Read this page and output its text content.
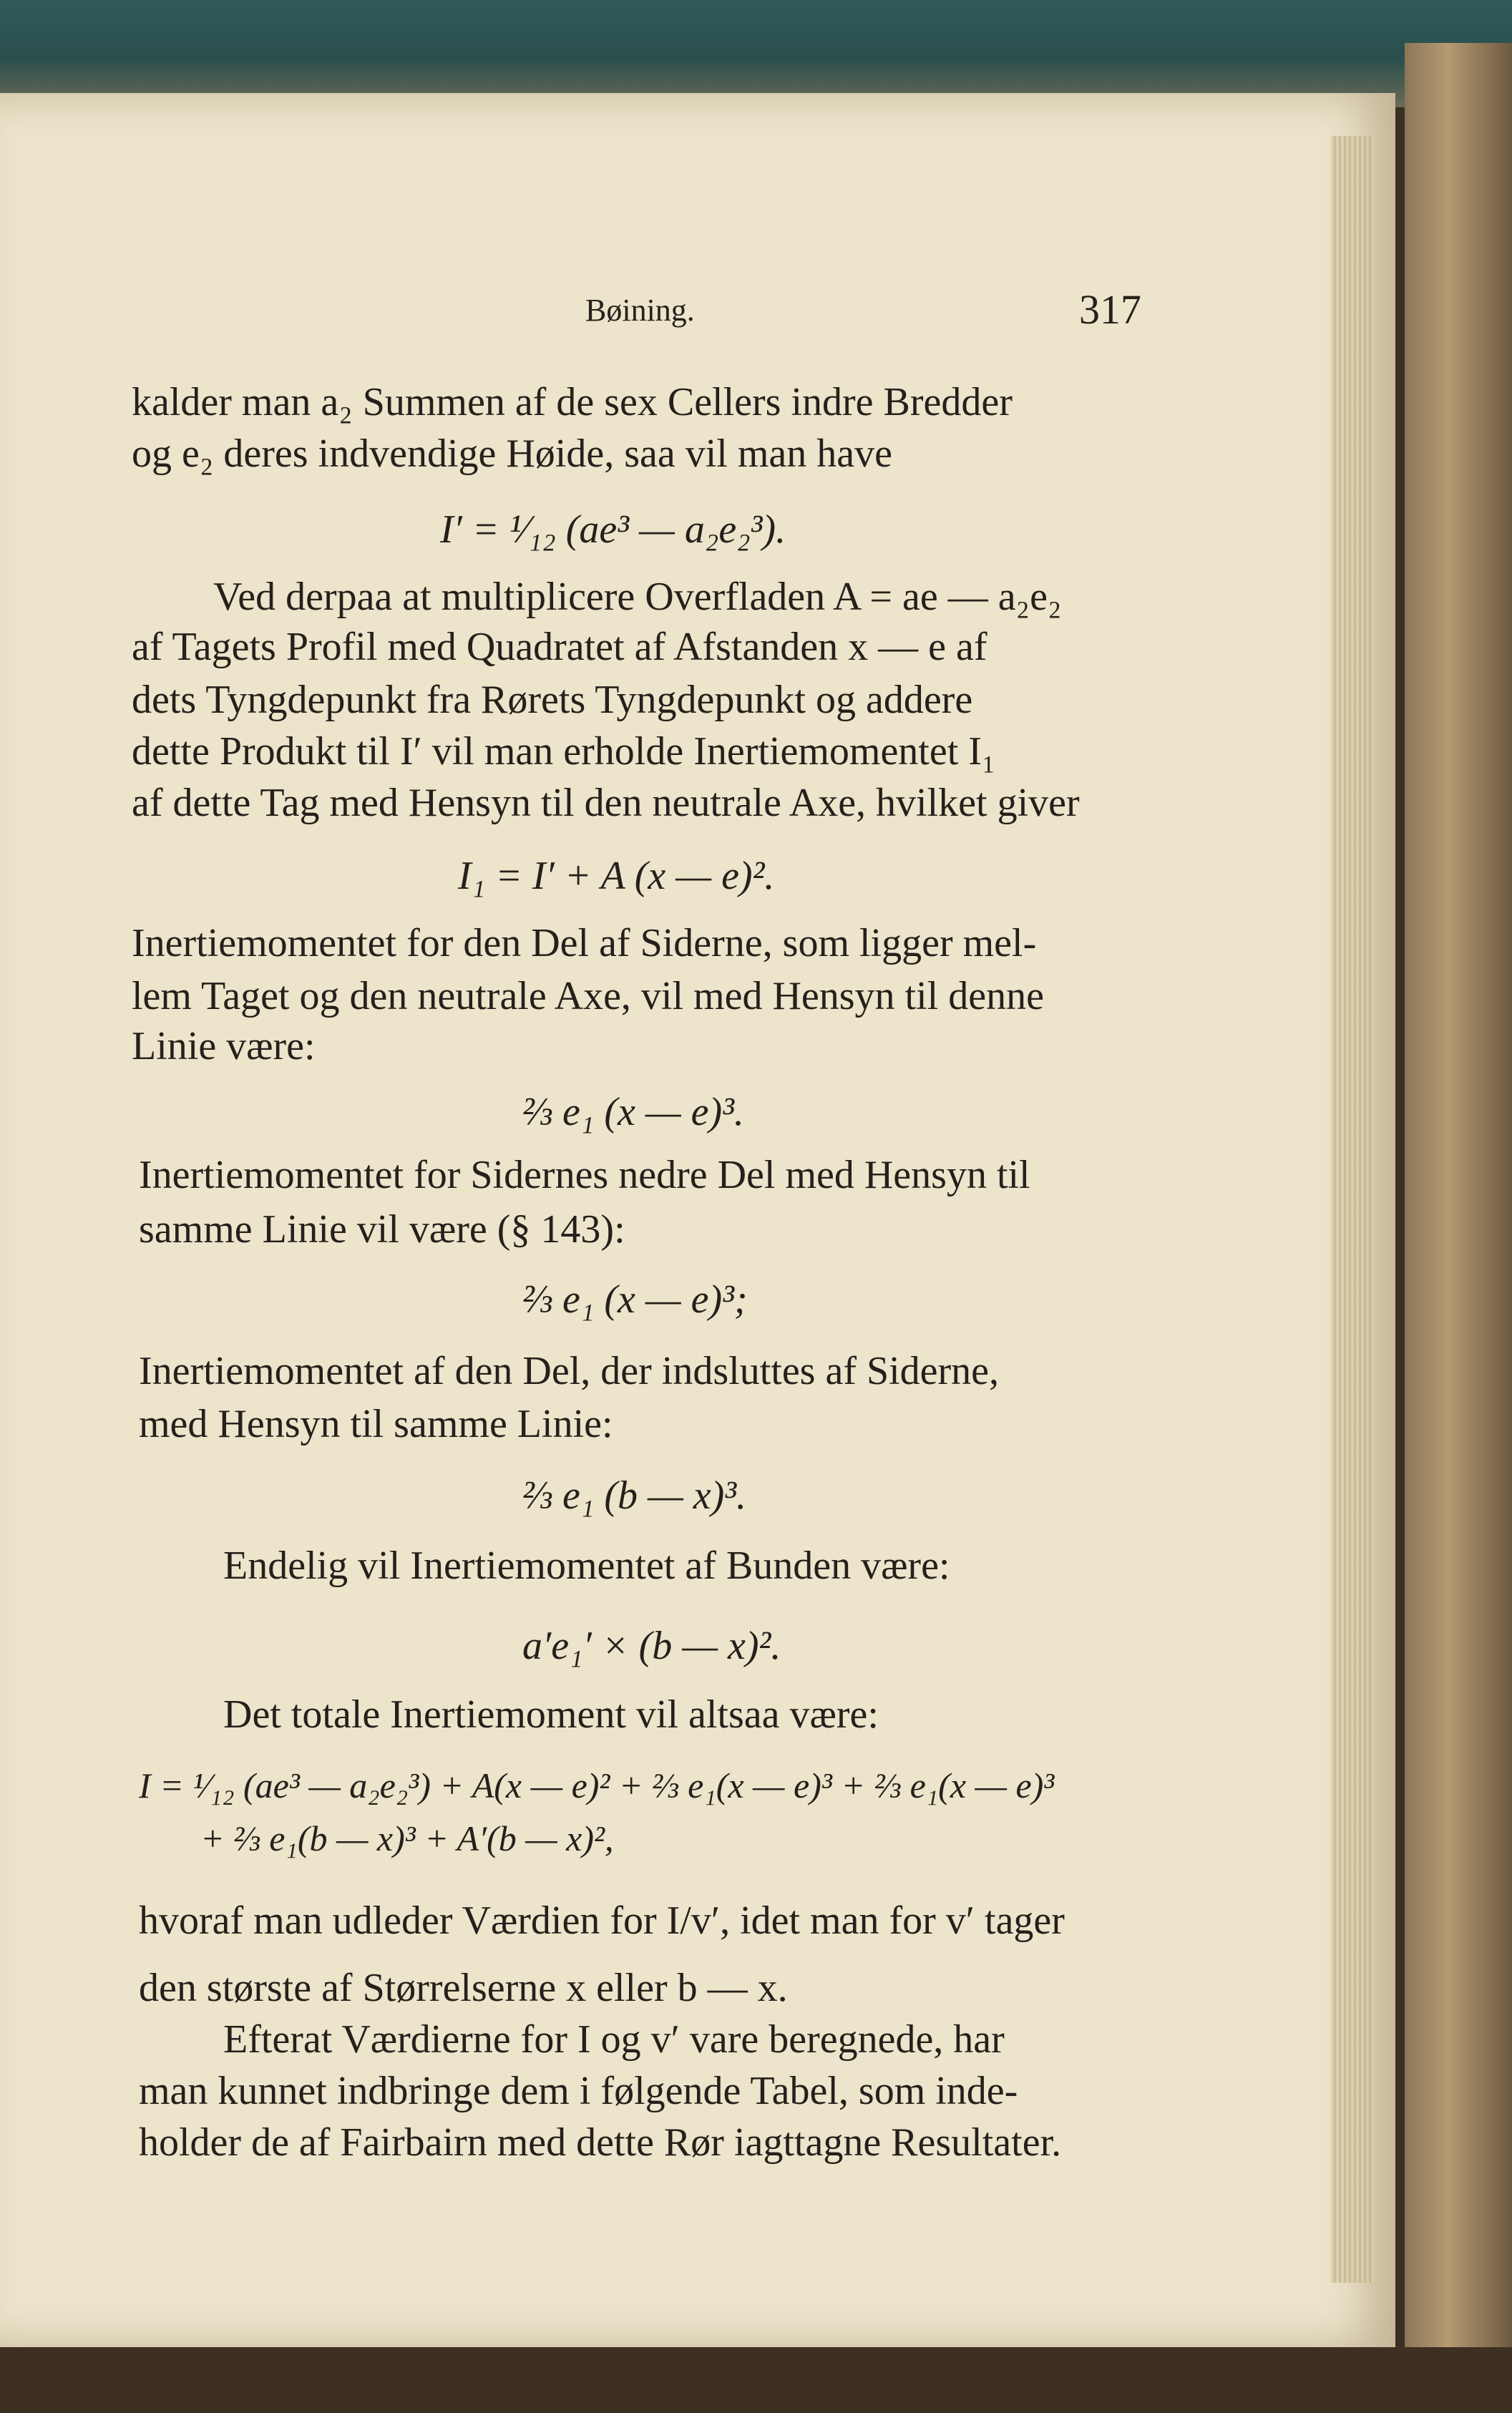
Bøining.	317

kalder man a₂ Summen af de sex Cellers indre Bredder

og e₂ deres indvendige Høide, saa vil man have

I′ = ¹⁄₁₂ (ae³ — a₂e₂³).

Ved derpaa at multiplicere Overfladen A = ae — a₂e₂

af Tagets Profil med Quadratet af Afstanden x — e af

dets Tyngdepunkt fra Rørets Tyngdepunkt og addere

dette Produkt til I′ vil man erholde Inertiemomentet I₁

af dette Tag med Hensyn til den neutrale Axe, hvilket giver

I₁ = I′ + A (x — e)².

Inertiemomentet for den Del af Siderne, som ligger mel-

lem Taget og den neutrale Axe, vil med Hensyn til denne

Linie være:

⅔ e₁ (x — e)³.

Inertiemomentet for Sidernes nedre Del med Hensyn til

samme Linie vil være (§ 143):

⅔ e₁ (x — e)³;

Inertiemomentet af den Del, der indsluttes af Siderne,

med Hensyn til samme Linie:

⅔ e₁ (b — x)³.

Endelig vil Inertiemomentet af Bunden være:

a′e₁′ × (b — x)².

Det totale Inertiemoment vil altsaa være:

I = ¹⁄₁₂ (ae³ — a₂e₂³) + A(x — e)² + ⅔ e₁(x — e)³ + ⅔ e₁(x — e)³

+ ⅔ e₁(b — x)³ + A′(b — x)²,

hvoraf man udleder Værdien for I/v′, idet man for v′ tager

den største af Størrelserne x eller b — x.

Efterat Værdierne for I og v′ vare beregnede, har

man kunnet indbringe dem i følgende Tabel, som inde-

holder de af Fairbairn med dette Rør iagttagne Resultater.
